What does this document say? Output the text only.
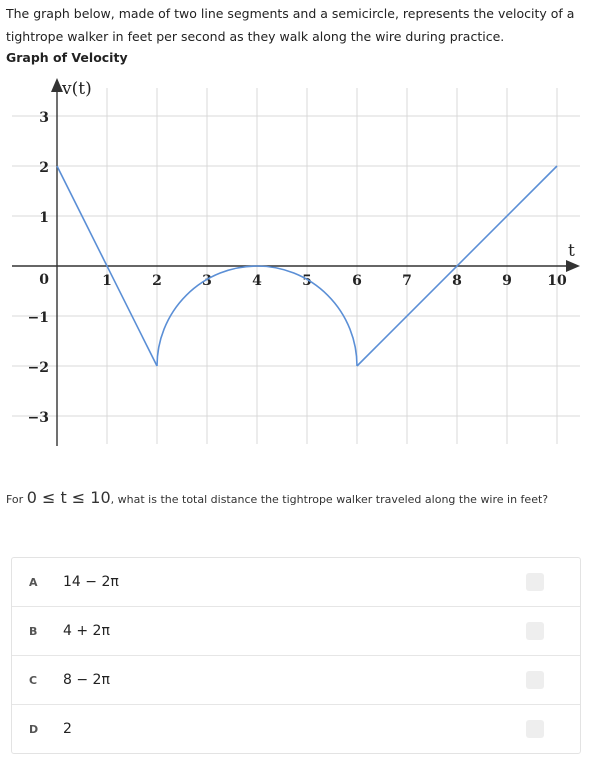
The graph below, made of two line segments and a semicircle, represents the velocity of a tightrope walker in feet per second as they walk along the wire during practice.
Graph of Velocity
1	2	3	4	5	6	7	8	9	10
3
2
1
0
−1
−2
−3
v(t)
t
For 0 ≤ t ≤ 10, what is the total distance the tightrope walker traveled along the wire in feet?
A 14 − 2π
B 4 + 2π
C 8 − 2π
D 2
